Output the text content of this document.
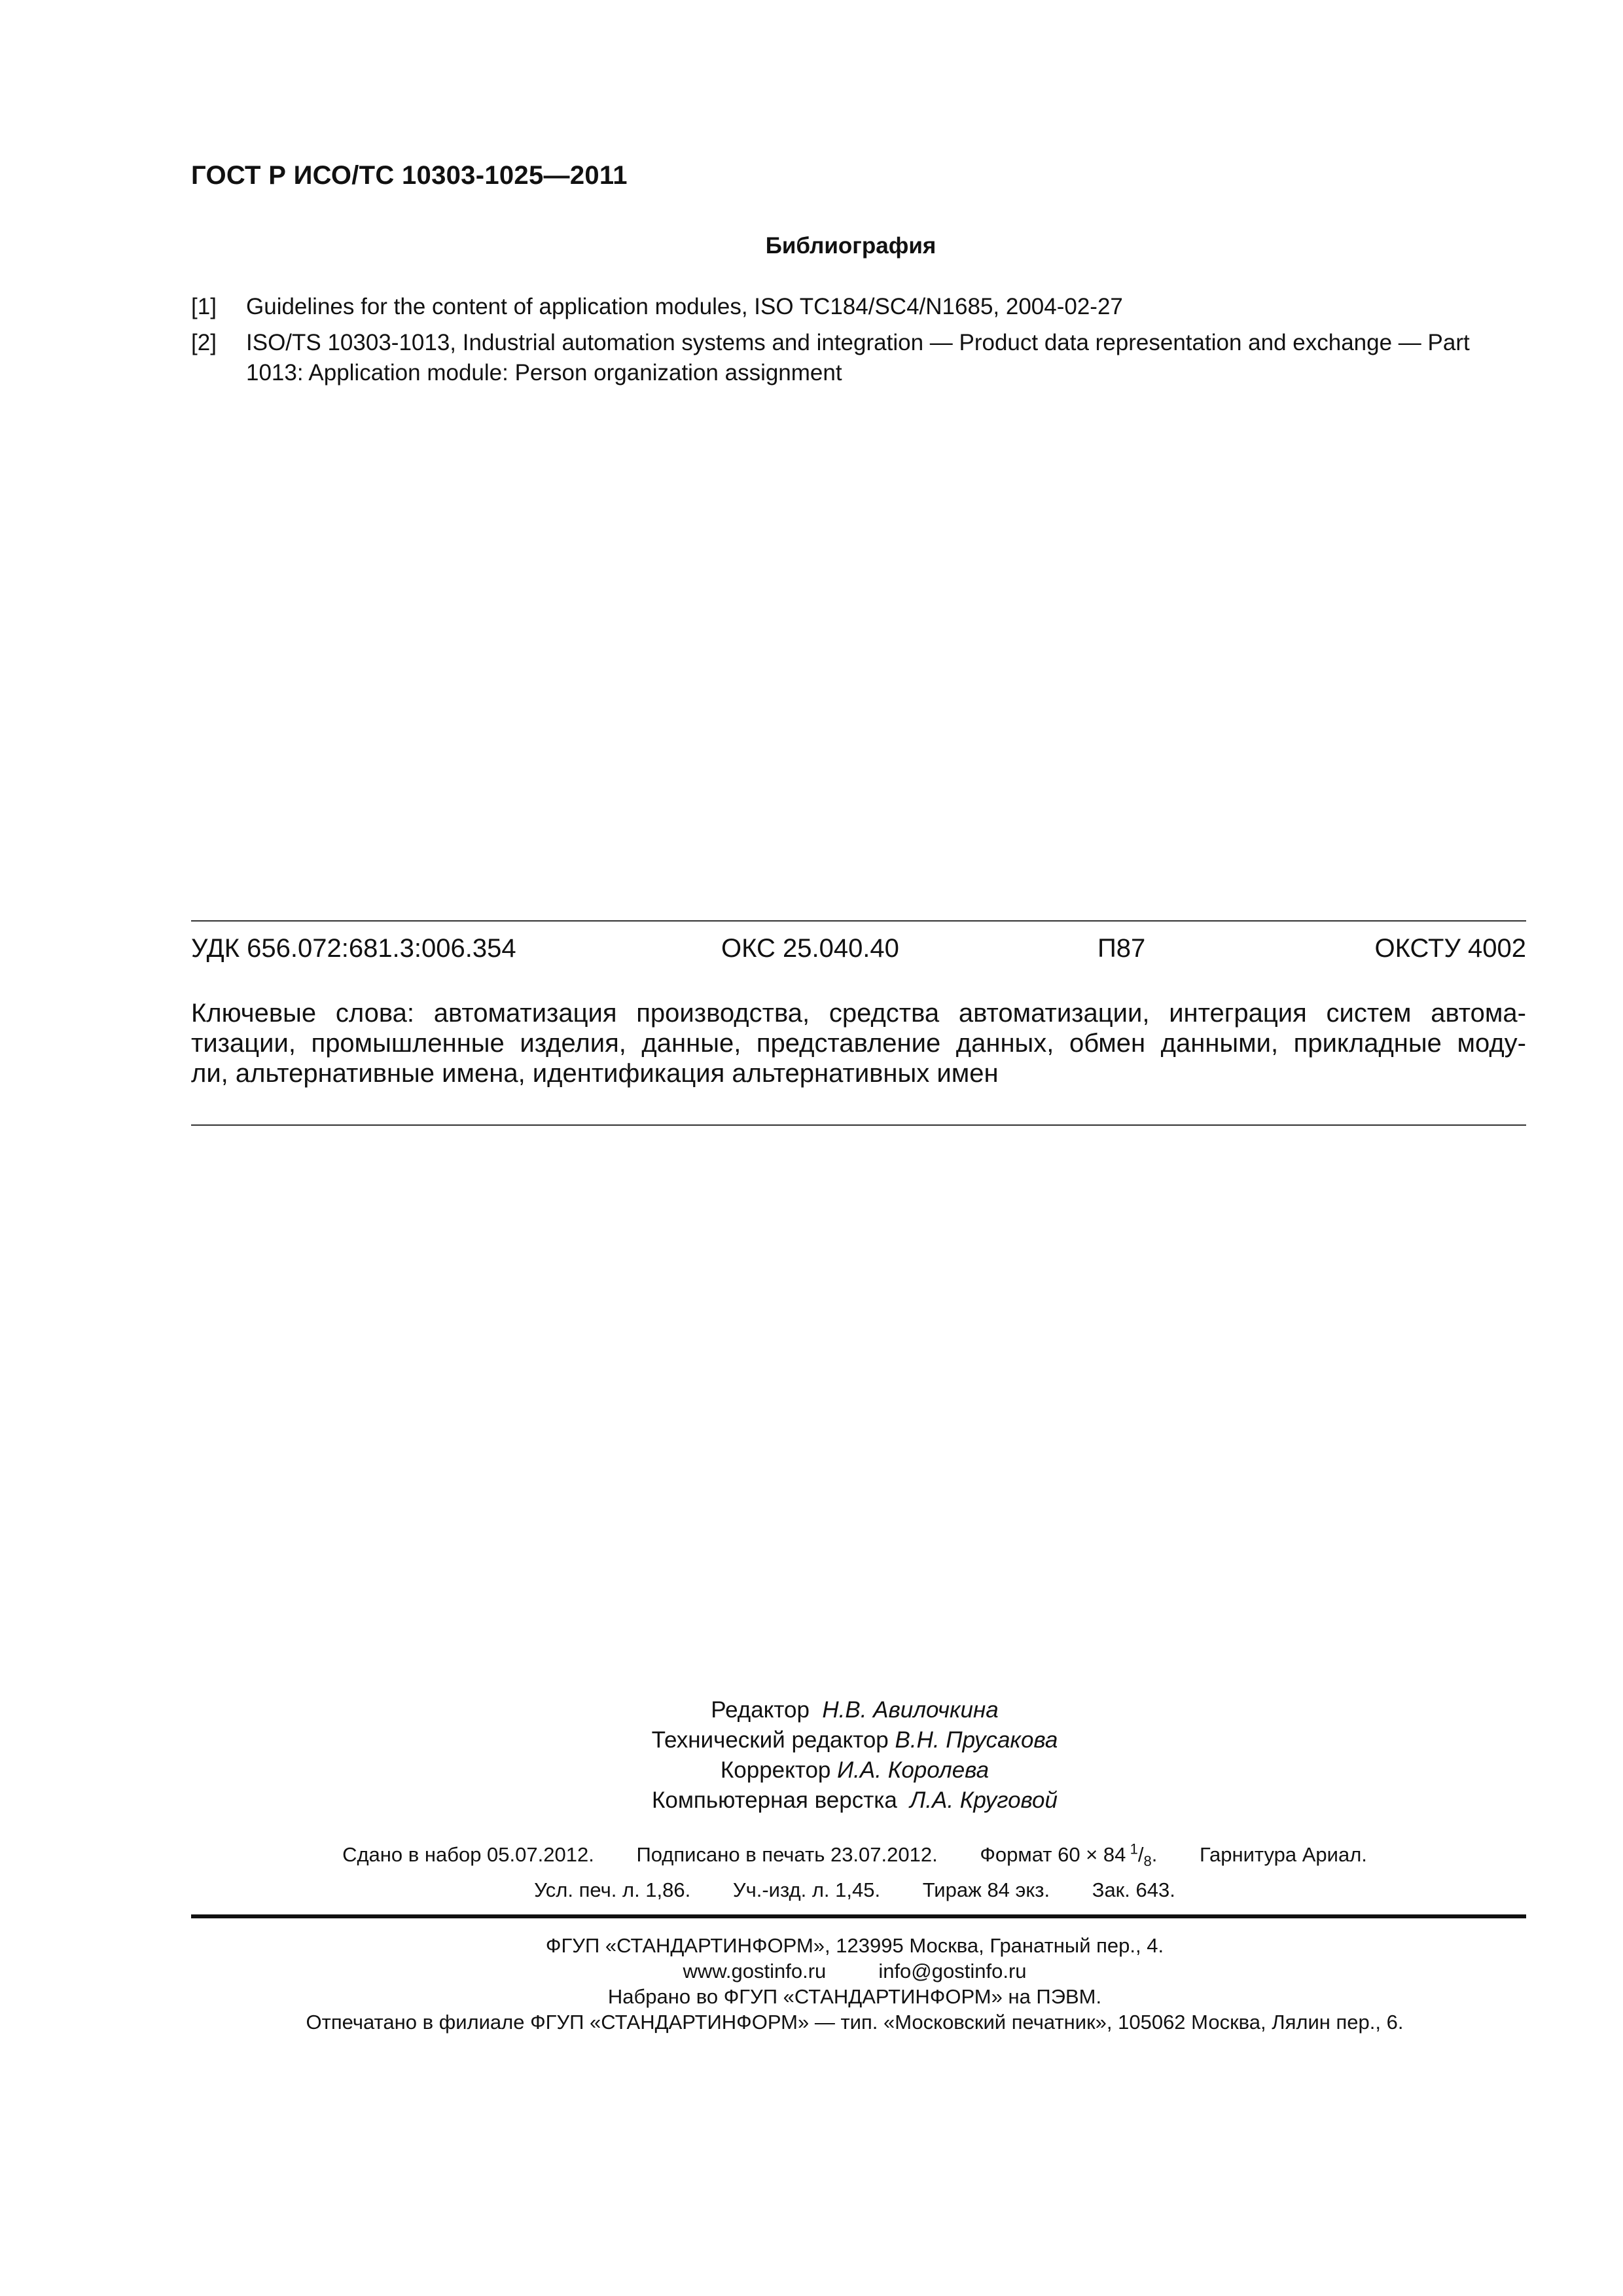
ГОСТ Р ИСО/ТС 10303-1025—2011
Библиография
[1]	Guidelines for the content of application modules, ISO TC184/SC4/N1685, 2004-02-27
[2]	ISO/TS 10303-1013, Industrial automation systems and integration — Product data representation and exchange — Part 1013: Application module: Person organization assignment
УДК 656.072:681.3:006.354	ОКС 25.040.40	П87	ОКСТУ 4002
Ключевые слова: автоматизация производства, средства автоматизации, интеграция систем автома-
тизации, промышленные изделия, данные, представление данных, обмен данными, прикладные моду-
ли, альтернативные имена, идентификация альтернативных имен
Редактор Н.В. Авилочкина
Технический редактор В.Н. Прусакова
Корректор И.А. Королева
Компьютерная верстка Л.А. Круговой
Сдано в набор 05.07.2012. Подписано в печать 23.07.2012. Формат 60 × 84  $^1/_8$. Гарнитура Ариал.
Усл. печ. л. 1,86. Уч.-изд. л. 1,45. Тираж 84 экз. Зак. 643.
ФГУП «СТАНДАРТИНФОРМ», 123995 Москва, Гранатный пер., 4.
www.gostinfo.ru	info@gostinfo.ru
Набрано во ФГУП «СТАНДАРТИНФОРМ» на ПЭВМ.
Отпечатано в филиале ФГУП «СТАНДАРТИНФОРМ» — тип. «Московский печатник», 105062 Москва, Лялин пер., 6.
